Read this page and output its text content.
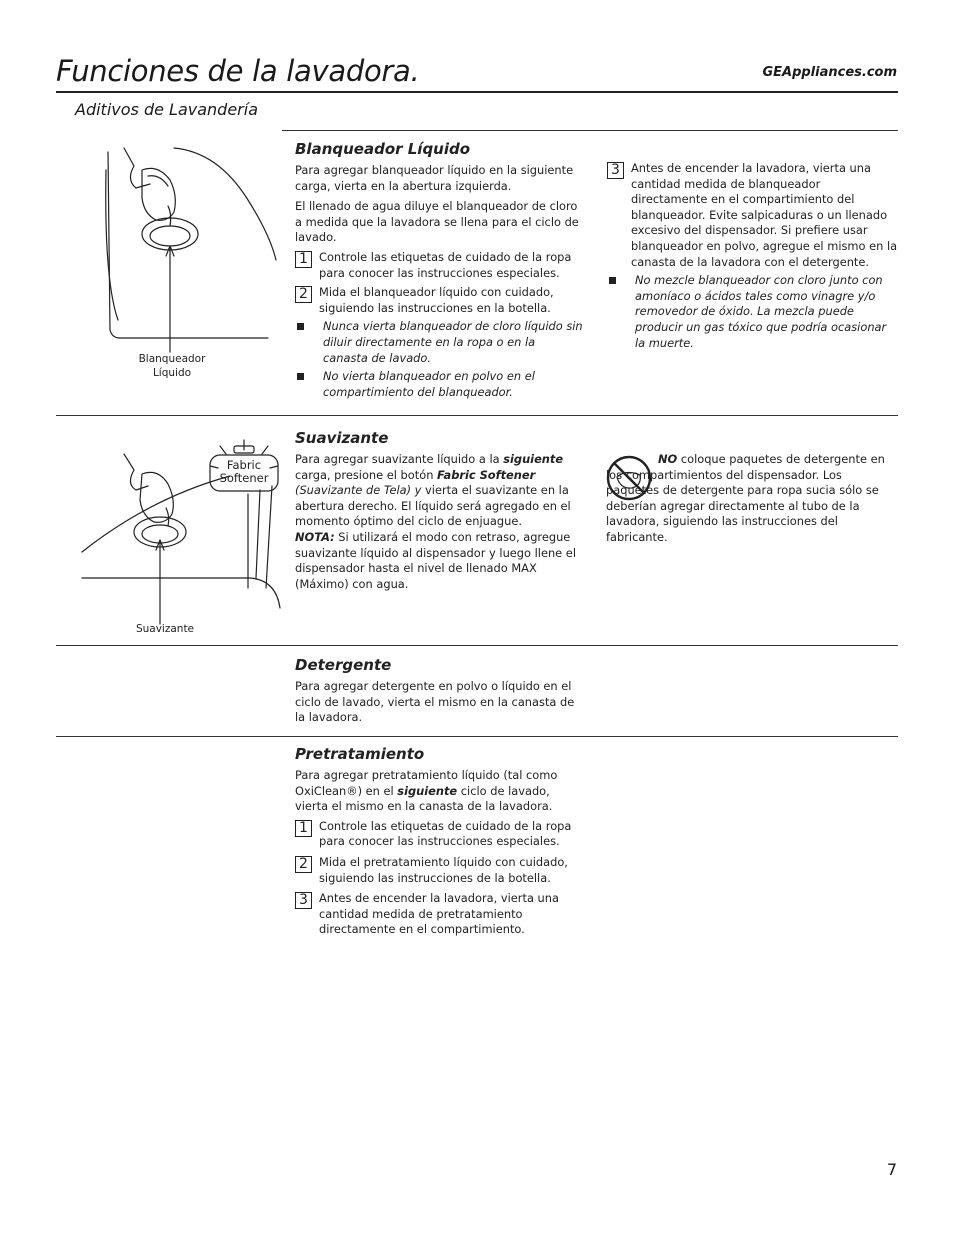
Funciones de la lavadora.	GEAppliances.com
Aditivos de Lavandería
Blanqueador
Líquido
Blanqueador Líquido
Para agregar blanqueador líquido en la siguiente carga, vierta en la abertura izquierda.
El llenado de agua diluye el blanqueador de cloro a medida que la lavadora se llena para el ciclo de lavado.
1 Controle las etiquetas de cuidado de la ropa para conocer las instrucciones especiales.
2 Mida el blanqueador líquido con cuidado, siguiendo las instrucciones en la botella.
Nunca vierta blanqueador de cloro líquido sin diluir directamente en la ropa o en la canasta de lavado.
No vierta blanqueador en polvo en el compartimiento del blanqueador.
3 Antes de encender la lavadora, vierta una cantidad medida de blanqueador directamente en el compartimiento del blanqueador. Evite salpicaduras o un llenado excesivo del dispensador. Si prefiere usar blanqueador en polvo, agregue el mismo en la canasta de la lavadora con el detergente.
No mezcle blanqueador con cloro junto con amoníaco o ácidos tales como vinagre y/o removedor de óxido. La mezcla puede producir un gas tóxico que podría ocasionar la muerte.
Fabric
Softener
Suavizante
Suavizante
Para agregar suavizante líquido a la siguiente carga, presione el botón Fabric Softener (Suavizante de Tela) y vierta el suavizante en la abertura derecho. El líquido será agregado en el momento óptimo del ciclo de enjuague.
NOTA: Si utilizará el modo con retraso, agregue suavizante líquido al dispensador y luego llene el dispensador hasta el nivel de llenado MAX (Máximo) con agua.
NO coloque paquetes de detergente en los compartimientos del dispensador. Los paquetes de detergente para ropa sucia sólo se deberían agregar directamente al tubo de la lavadora, siguiendo las instrucciones del fabricante.
Detergente
Para agregar detergente en polvo o líquido en el ciclo de lavado, vierta el mismo en la canasta de la lavadora.
Pretratamiento
Para agregar pretratamiento líquido (tal como OxiClean®) en el siguiente ciclo de lavado, vierta el mismo en la canasta de la lavadora.
1 Controle las etiquetas de cuidado de la ropa para conocer las instrucciones especiales.
2 Mida el pretratamiento líquido con cuidado, siguiendo las instrucciones de la botella.
3 Antes de encender la lavadora, vierta una cantidad medida de pretratamiento directamente en el compartimiento.
7
